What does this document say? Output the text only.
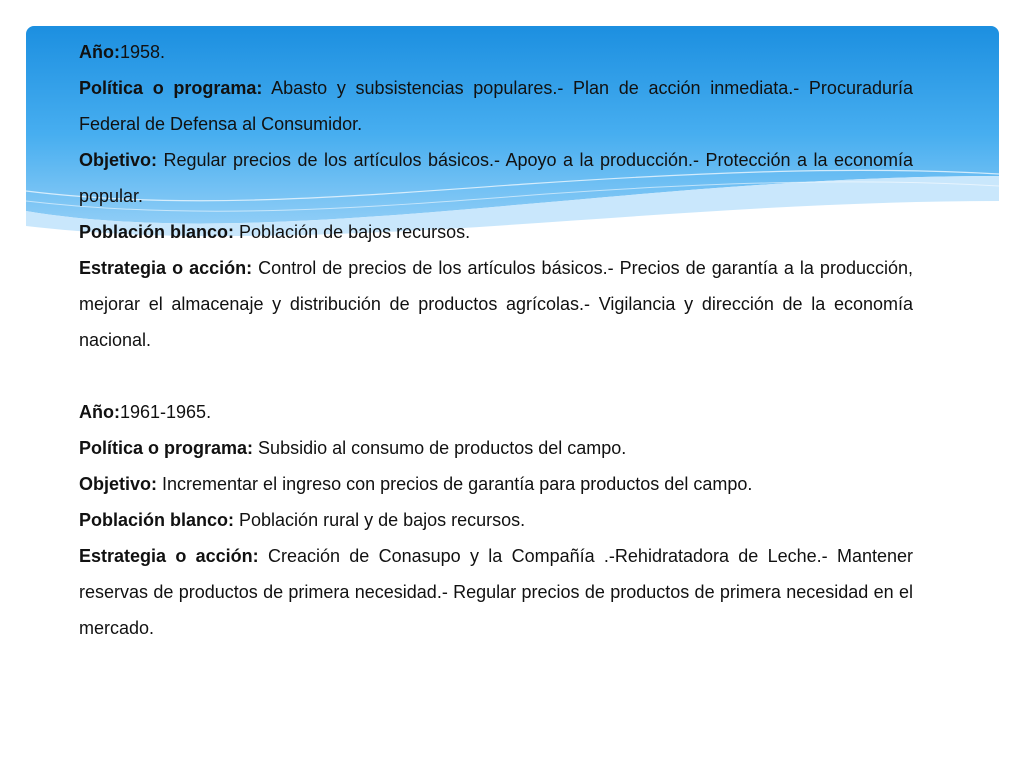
Año:1958.

Política o programa: Abasto y subsistencias populares.- Plan de acción inmediata.- Procuraduría Federal de Defensa al Consumidor.

Objetivo: Regular precios de los artículos básicos.- Apoyo a la producción.- Protección a la economía popular.

Población blanco: Población de bajos recursos.

Estrategia o acción: Control de precios de los artículos básicos.- Precios de garantía a la producción, mejorar el almacenaje y distribución de productos agrícolas.- Vigilancia y dirección de la economía nacional.

Año:1961-1965.

Política o programa: Subsidio al consumo de productos del campo.

Objetivo: Incrementar el ingreso con precios de garantía para productos del campo.

Población blanco: Población rural y de bajos recursos.

Estrategia o acción: Creación de Conasupo y la Compañía .-Rehidratadora de Leche.- Mantener reservas de productos de primera necesidad.- Regular precios de productos de primera necesidad en el mercado.
